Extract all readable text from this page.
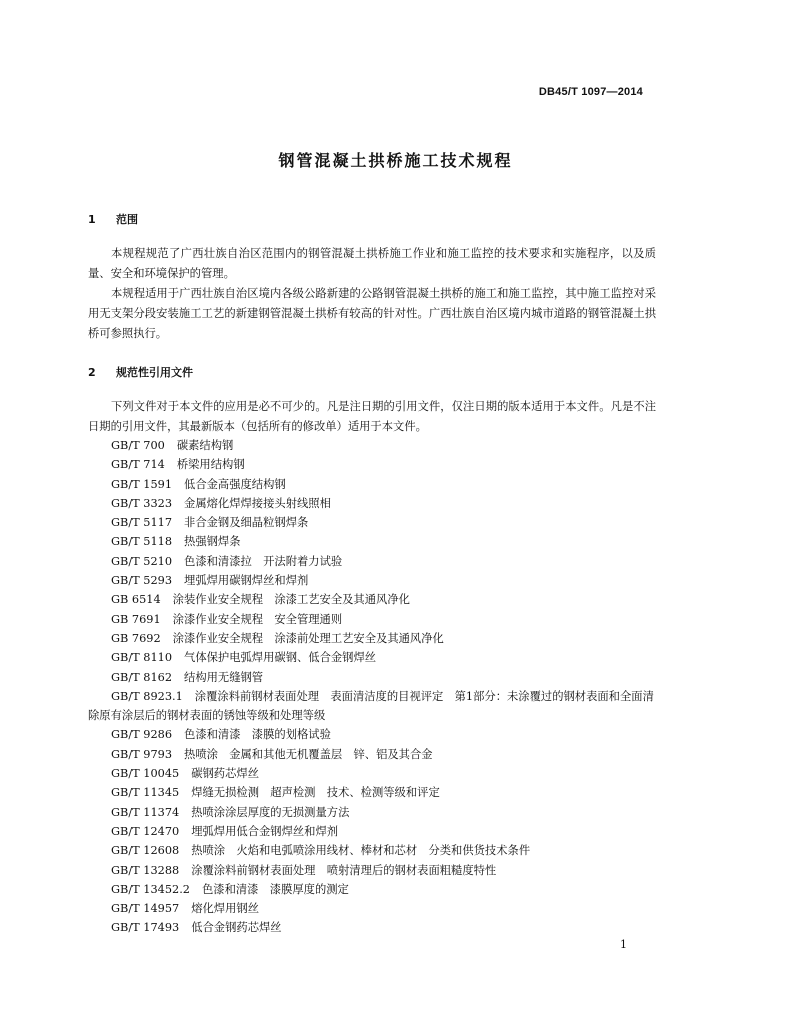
DB45/T 1097—2014
钢管混凝土拱桥施工技术规程
1 范围

本规程规范了广西壮族自治区范围内的钢管混凝土拱桥施工作业和施工监控的技术要求和实施程序，以及质量、安全和环境保护的管理。

本规程适用于广西壮族自治区境内各级公路新建的公路钢管混凝土拱桥的施工和施工监控，其中施工监控对采用无支架分段安装施工工艺的新建钢管混凝土拱桥有较高的针对性。广西壮族自治区境内城市道路的钢管混凝土拱桥可参照执行。

2 规范性引用文件

下列文件对于本文件的应用是必不可少的。凡是注日期的引用文件，仅注日期的版本适用于本文件。凡是不注日期的引用文件，其最新版本（包括所有的修改单）适用于本文件。

GB/T 700 碳素结构钢
GB/T 714 桥梁用结构钢
GB/T 1591 低合金高强度结构钢
GB/T 3323 金属熔化焊焊接接头射线照相
GB/T 5117 非合金钢及细晶粒钢焊条
GB/T 5118 热强钢焊条
GB/T 5210 色漆和清漆拉　开法附着力试验
GB/T 5293 埋弧焊用碳钢焊丝和焊剂
GB 6514 涂装作业安全规程　涂漆工艺安全及其通风净化
GB 7691 涂漆作业安全规程　安全管理通则
GB 7692 涂漆作业安全规程　涂漆前处理工艺安全及其通风净化
GB/T 8110 气体保护电弧焊用碳钢、低合金钢焊丝
GB/T 8162 结构用无缝钢管
GB/T 8923.1 涂覆涂料前钢材表面处理　表面清洁度的目视评定　第1部分：未涂覆过的钢材表面和全面清除原有涂层后的钢材表面的锈蚀等级和处理等级
GB/T 9286 色漆和清漆　漆膜的划格试验
GB/T 9793 热喷涂　金属和其他无机覆盖层　锌、铝及其合金
GB/T 10045 碳钢药芯焊丝
GB/T 11345 焊缝无损检测　超声检测　技术、检测等级和评定
GB/T 11374 热喷涂涂层厚度的无损测量方法
GB/T 12470 埋弧焊用低合金钢焊丝和焊剂
GB/T 12608 热喷涂　火焰和电弧喷涂用线材、棒材和芯材　分类和供货技术条件
GB/T 13288 涂覆涂料前钢材表面处理　喷射清理后的钢材表面粗糙度特性
GB/T 13452.2 色漆和清漆　漆膜厚度的测定
GB/T 14957 熔化焊用钢丝
GB/T 17493 低合金钢药芯焊丝
1
